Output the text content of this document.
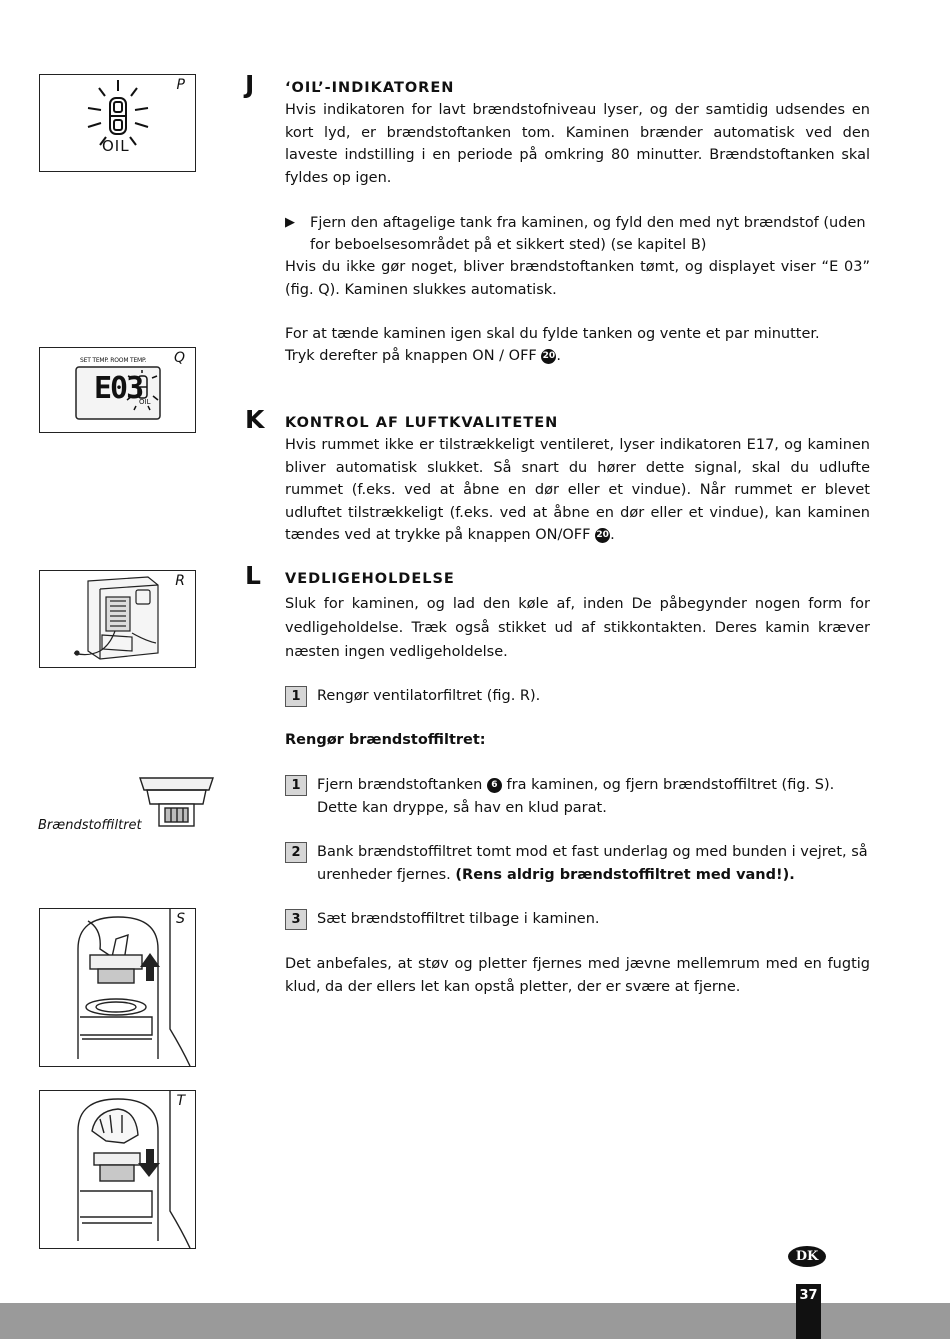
P
OIL
Q
SET TEMP. ROOM TEMP.
E03
OIL
R
Brændstoffiltret
S
T
J ‘OIL’-INDIKATOREN

Hvis indikatoren for lavt brændstofniveau lyser, og der samtidig udsendes en kort lyd, er brændstoftanken tom. Kaminen brænder automatisk ved den laveste indstilling i en periode på omkring 80 minutter. Brændstoftanken skal fyldes op igen.

▶	Fjern den aftagelige tank fra kaminen, og fyld den med nyt brændstof (uden for beboelsesområdet på et sikkert sted) (se kapitel B)

Hvis du ikke gør noget, bliver brændstoftanken tømt, og displayet viser “E 03” (fig. Q). Kaminen slukkes automatisk.

For at tænde kaminen igen skal du fylde tanken og vente et par minutter.

Tryk derefter på knappen ON / OFF 20.

K KONTROL AF LUFTKVALITETEN

Hvis rummet ikke er tilstrækkeligt ventileret, lyser indikatoren E17, og kaminen bliver automatisk slukket. Så snart du hører dette signal, skal du udlufte rummet (f.eks. ved at åbne en dør eller et vindue). Når rummet er blevet udluftet tilstrækkeligt (f.eks. ved at åbne en dør eller et vindue), kan kaminen tændes ved at trykke på knappen ON/OFF 20.

L VEDLIGEHOLDELSE

Sluk for kaminen, og lad den køle af, inden De påbegynder nogen form for vedligeholdelse. Træk også stikket ud af stikkontakten. Deres kamin kræver næsten ingen vedligeholdelse.

1	Rengør ventilatorfiltret (fig. R).
Rengør brændstoffiltret:
1	Fjern brændstoftanken 6 fra kaminen, og fjern brændstoffiltret (fig. S). Dette kan dryppe, så hav en klud parat.
2	Bank brændstoffiltret tomt mod et fast underlag og med bunden i vejret, så urenheder fjernes. (Rens aldrig brændstoffiltret med vand!).
3	Sæt brændstoffiltret tilbage i kaminen.

Det anbefales, at støv og pletter fjernes med jævne mellemrum med en fugtig klud, da der ellers let kan opstå pletter, der er svære at fjerne.

DK
37
